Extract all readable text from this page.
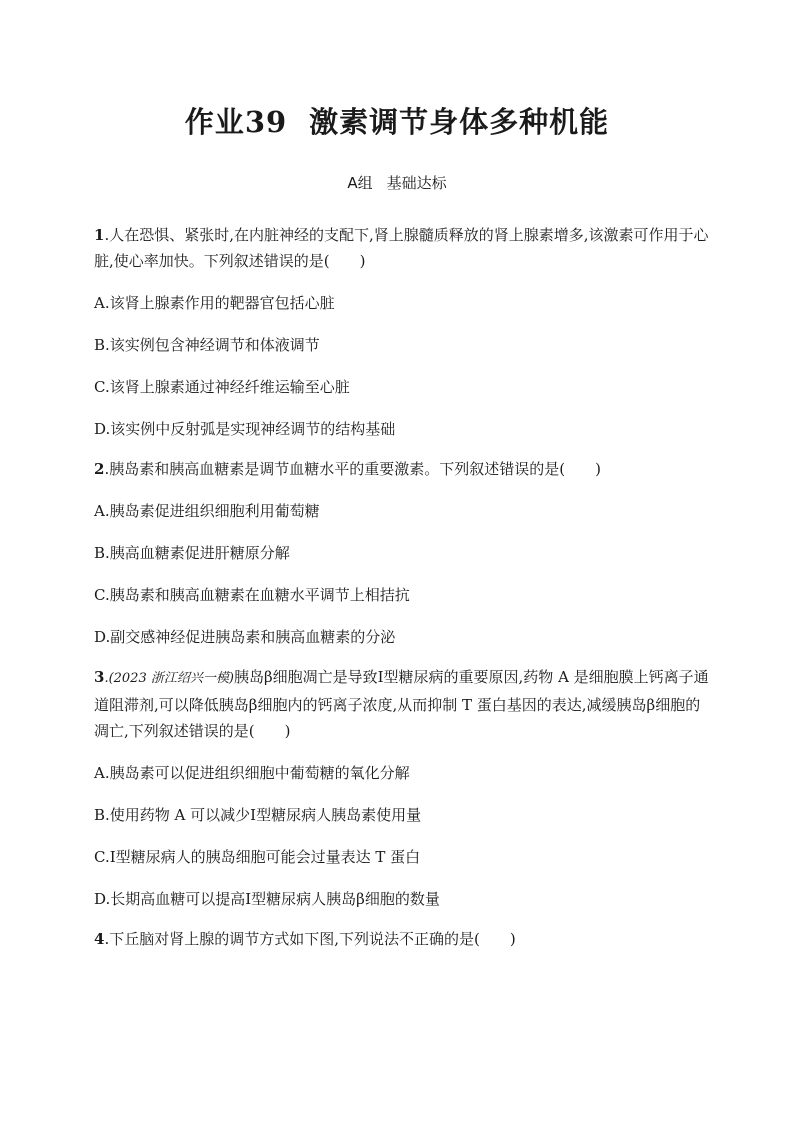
作业39 激素调节身体多种机能
A组 基础达标

1.人在恐惧、紧张时,在内脏神经的支配下,肾上腺髓质释放的肾上腺素增多,该激素可作用于心脏,使心率加快。下列叙述错误的是( )

A.该肾上腺素作用的靶器官包括心脏

B.该实例包含神经调节和体液调节

C.该肾上腺素通过神经纤维运输至心脏

D.该实例中反射弧是实现神经调节的结构基础

2.胰岛素和胰高血糖素是调节血糖水平的重要激素。下列叙述错误的是( )

A.胰岛素促进组织细胞利用葡萄糖

B.胰高血糖素促进肝糖原分解

C.胰岛素和胰高血糖素在血糖水平调节上相拮抗

D.副交感神经促进胰岛素和胰高血糖素的分泌

3.(2023 浙江绍兴一模)胰岛β细胞凋亡是导致Ⅰ型糖尿病的重要原因,药物 A 是细胞膜上钙离子通道阻滞剂,可以降低胰岛β细胞内的钙离子浓度,从而抑制 T 蛋白基因的表达,减缓胰岛β细胞的凋亡,下列叙述错误的是( )

A.胰岛素可以促进组织细胞中葡萄糖的氧化分解

B.使用药物 A 可以减少Ⅰ型糖尿病人胰岛素使用量

C.Ⅰ型糖尿病人的胰岛细胞可能会过量表达 T 蛋白

D.长期高血糖可以提高Ⅰ型糖尿病人胰岛β细胞的数量

4.下丘脑对肾上腺的调节方式如下图,下列说法不正确的是( )
